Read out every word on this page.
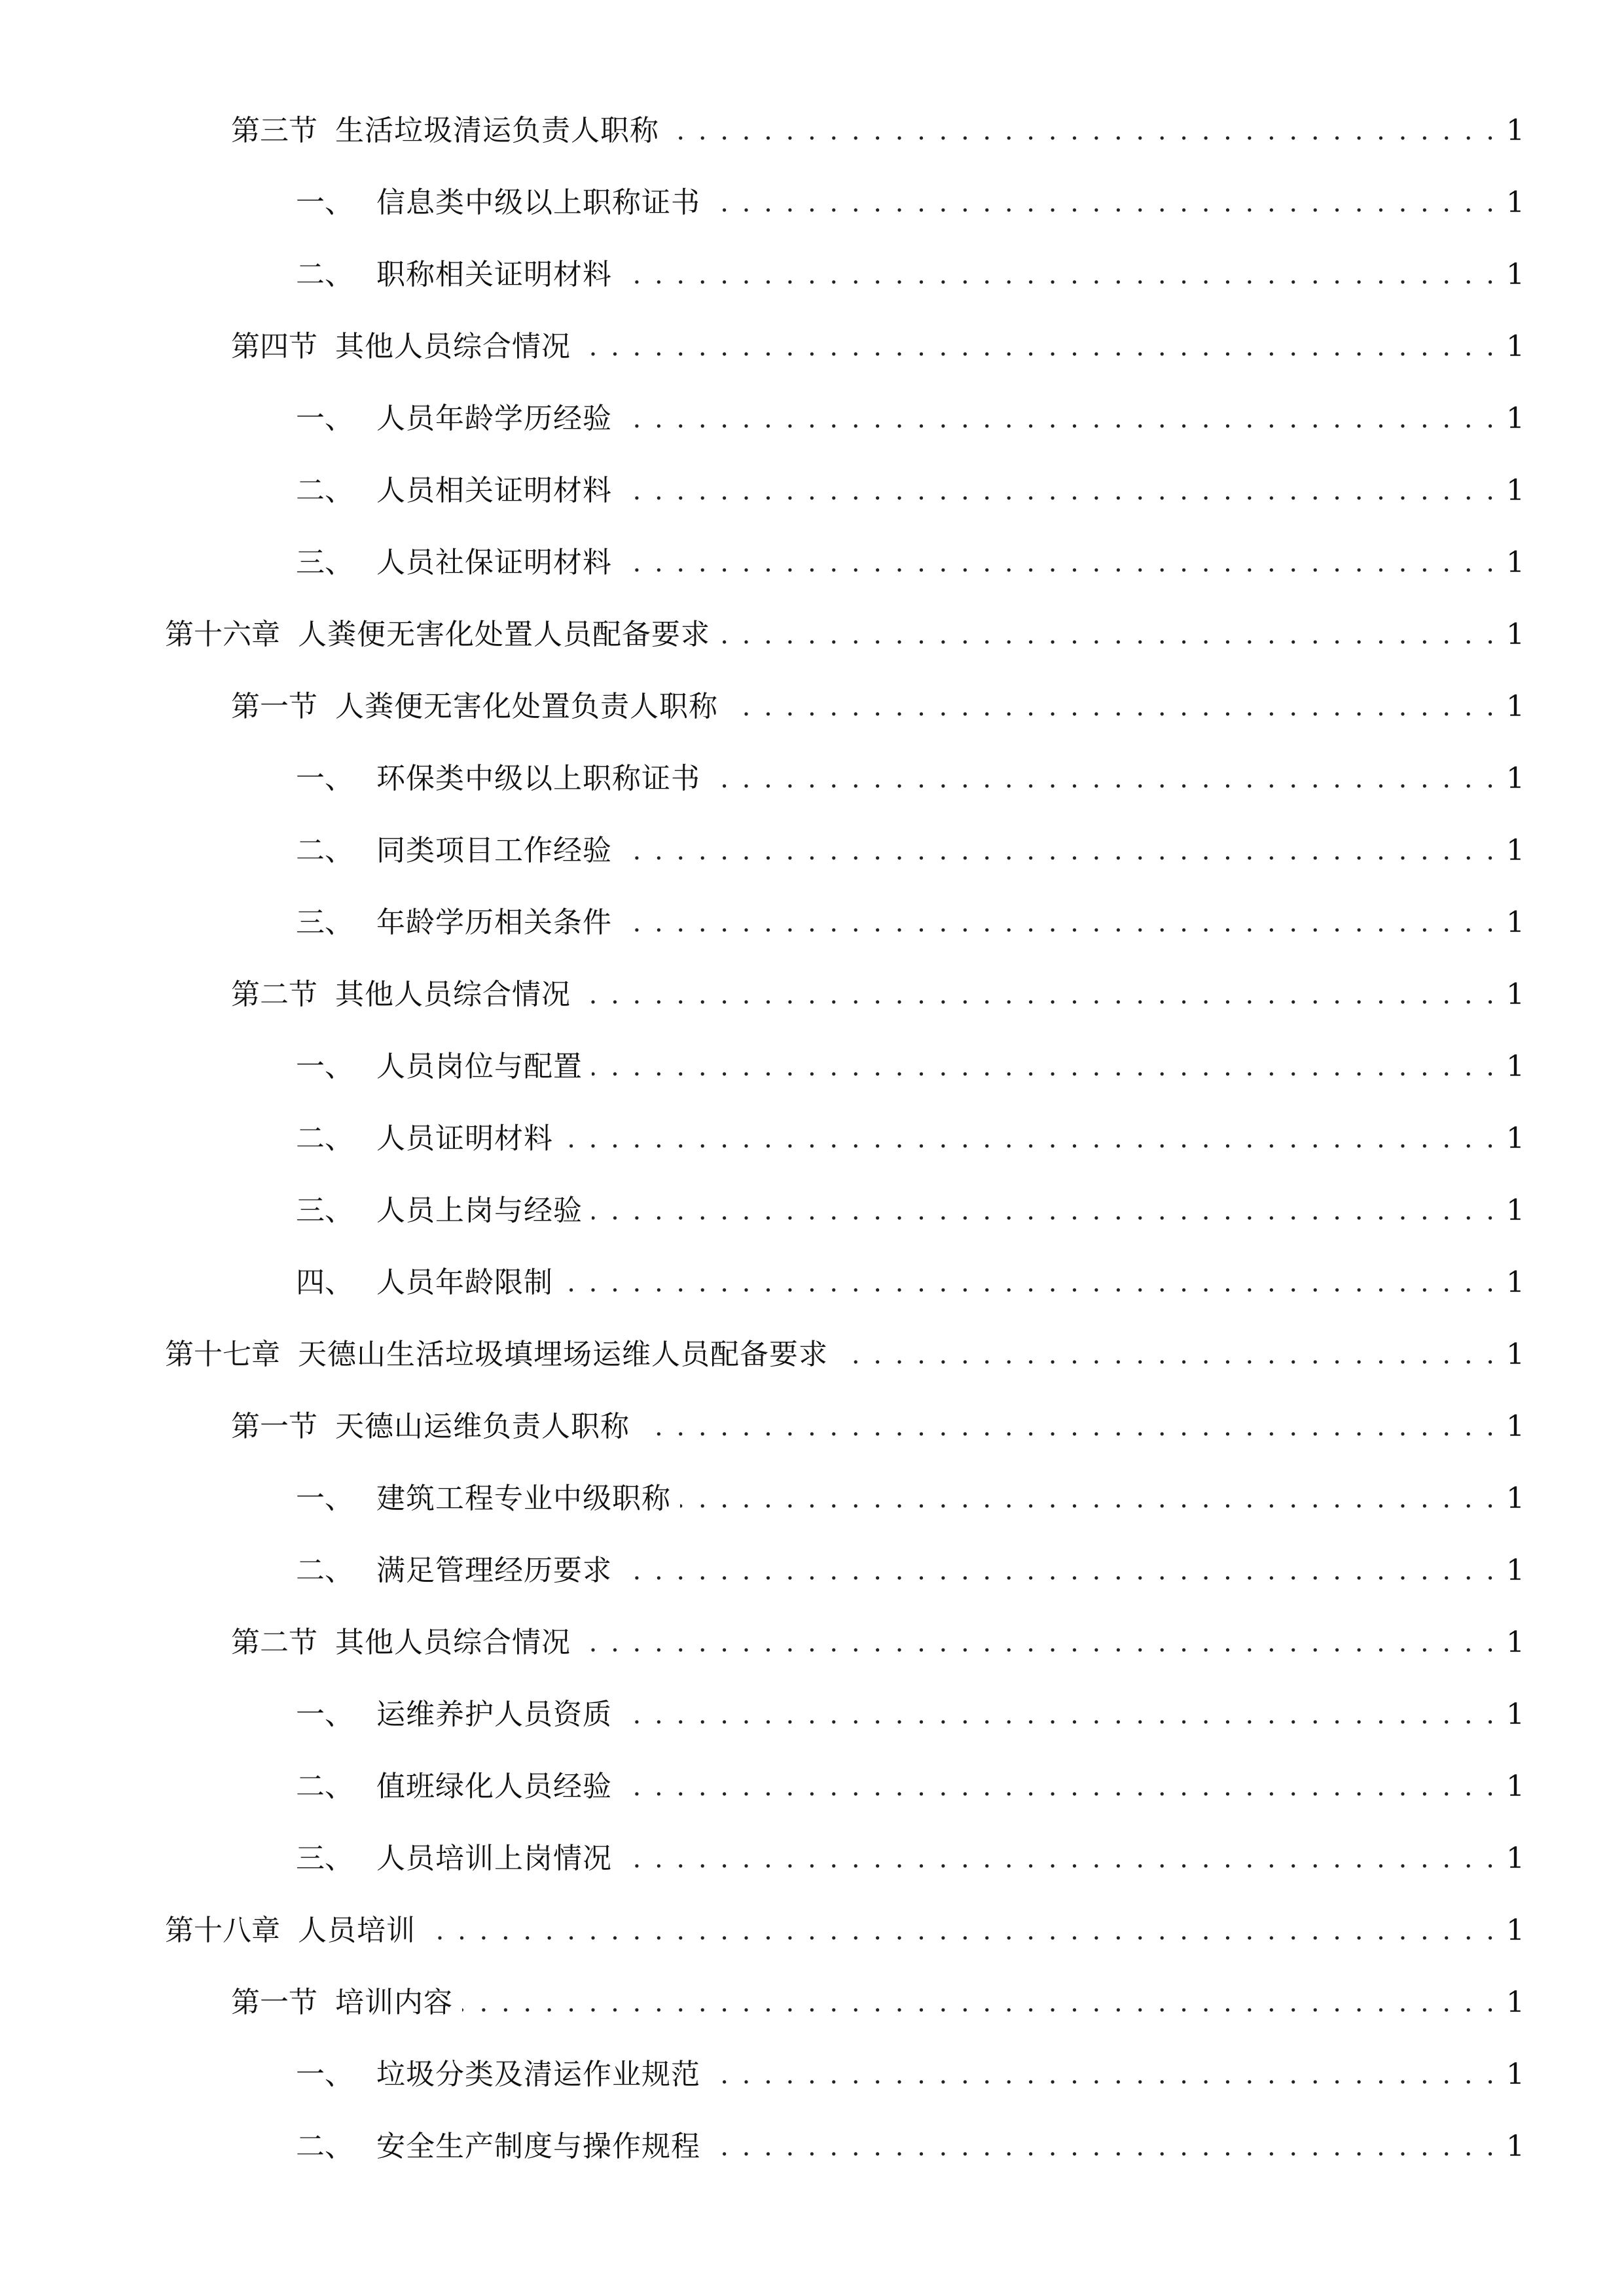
第三节 生活垃圾清运负责人职称 . . .	1
一、 信息类中级以上职称证书 . . .	1
二、 职称相关证明材料 . . .	1
第四节 其他人员综合情况 . . .	1
一、 人员年龄学历经验 . . .	1
二、 人员相关证明材料 . . .	1
三、 人员社保证明材料 . . .	1
第十六章 人粪便无害化处置人员配备要求 . . .	1
第一节 人粪便无害化处置负责人职称 . . .	1
一、 环保类中级以上职称证书 . . .	1
二、 同类项目工作经验 . . .	1
三、 年龄学历相关条件 . . .	1
第二节 其他人员综合情况 . . .	1
一、 人员岗位与配置 . . .	1
二、 人员证明材料 . . .	1
三、 人员上岗与经验 . . .	1
四、 人员年龄限制 . . .	1
第十七章 天德山生活垃圾填埋场运维人员配备要求 . . .	1
第一节 天德山运维负责人职称 . . .	1
一、 建筑工程专业中级职称 . . .	1
二、 满足管理经历要求 . . .	1
第二节 其他人员综合情况 . . .	1
一、 运维养护人员资质 . . .	1
二、 值班绿化人员经验 . . .	1
三、 人员培训上岗情况 . . .	1
第十八章 人员培训 . . .	1
第一节 培训内容 . . .	1
一、 垃圾分类及清运作业规范 . . .	1
二、 安全生产制度与操作规程 . . .	1
